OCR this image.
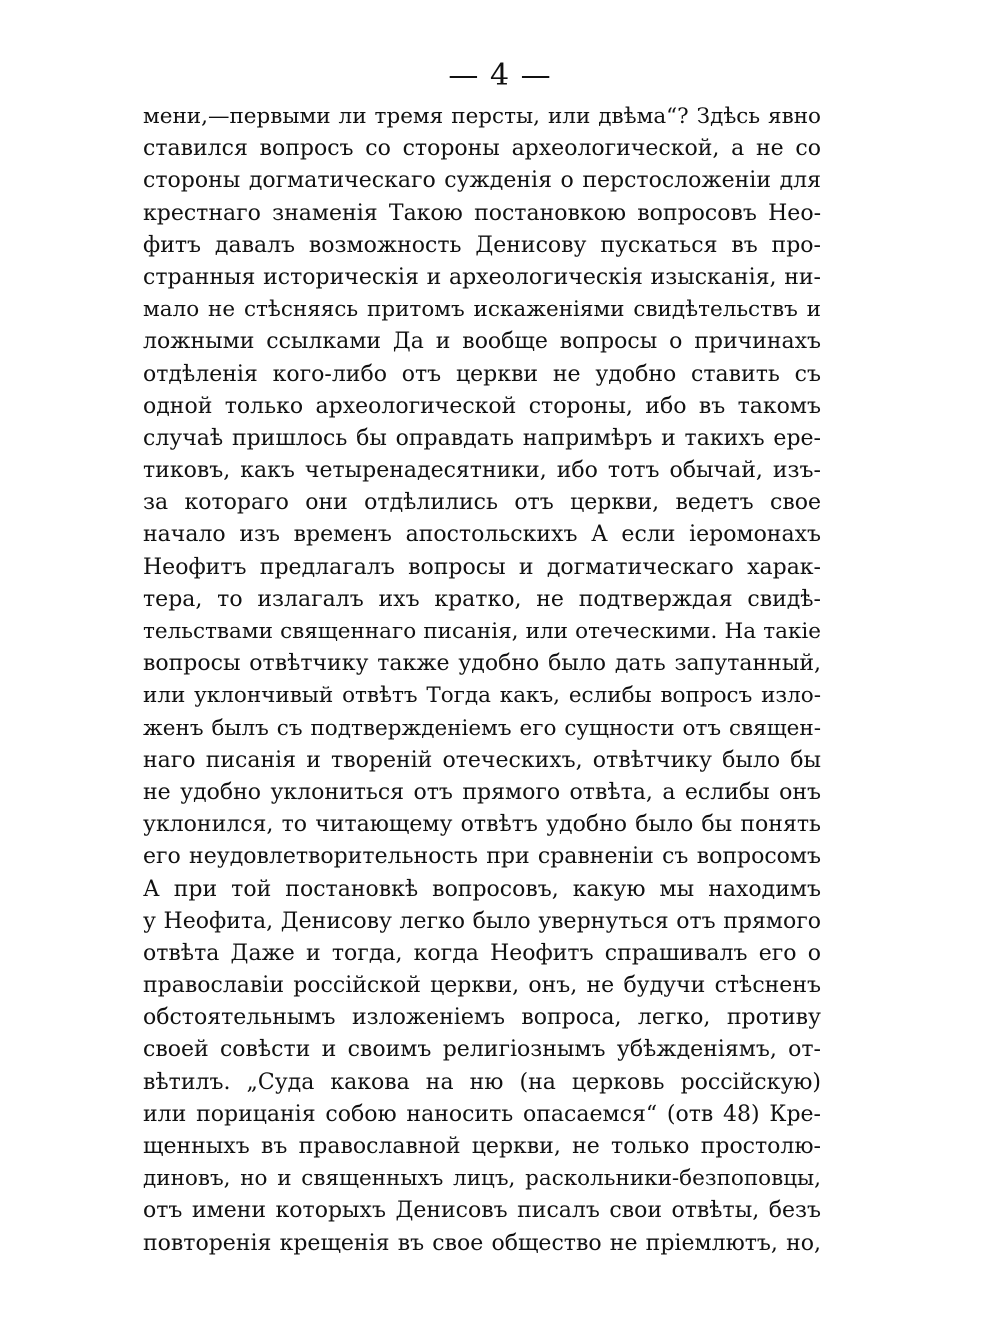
— 4 —
мени,—первыми ли тремя персты, или двѣма“? Здѣсь явно
ставился вопросъ со стороны археологической, а не со
стороны догматическаго сужденія о перстосложеніи для
крестнаго знаменія Такою постановкою вопросовъ Нео-
фитъ давалъ возможность Денисову пускаться въ про-
странныя историческія и археологическія изысканія, ни-
мало не стѣсняясь притомъ искаженіями свидѣтельствъ и
ложными ссылками Да и вообще вопросы о причинахъ
отдѣленія кого-либо отъ церкви не удобно ставить съ
одной только археологической стороны, ибо въ такомъ
случаѣ пришлось бы оправдать напримѣръ и такихъ ере-
тиковъ, какъ четыренадесятники, ибо тотъ обычай, изъ-
за котораго они отдѣлились отъ церкви, ведетъ свое
начало изъ временъ апостольскихъ А если іеромонахъ
Неофитъ предлагалъ вопросы и догматическаго харак-
тера, то излагалъ ихъ кратко, не подтверждая свидѣ-
тельствами священнаго писанія, или отеческими. На такіе
вопросы отвѣтчику также удобно было дать запутанный,
или уклончивый отвѣтъ Тогда какъ, еслибы вопросъ изло-
женъ былъ съ подтвержденіемъ его сущности отъ священ-
наго писанія и твореній отеческихъ, отвѣтчику было бы
не удобно уклониться отъ прямого отвѣта, а еслибы онъ
уклонился, то читающему отвѣтъ удобно было бы понять
его неудовлетворительность при сравненіи съ вопросомъ
А при той постановкѣ вопросовъ, какую мы находимъ
у Неофита, Денисову легко было увернуться отъ прямого
отвѣта Даже и тогда, когда Неофитъ спрашивалъ его о
православіи россійской церкви, онъ, не будучи стѣсненъ
обстоятельнымъ изложеніемъ вопроса, легко, противу
своей совѣсти и своимъ религіознымъ убѣжденіямъ, от-
вѣтилъ. „Суда какова на ню (на церковь россійскую)
или порицанія собою наносить опасаемся“ (отв 48) Кре-
щенныхъ въ православной церкви, не только простолю-
диновъ, но и священныхъ лицъ, раскольники-безпоповцы,
отъ имени которыхъ Денисовъ писалъ свои отвѣты, безъ
повторенія крещенія въ свое общество не пріемлютъ, но,
